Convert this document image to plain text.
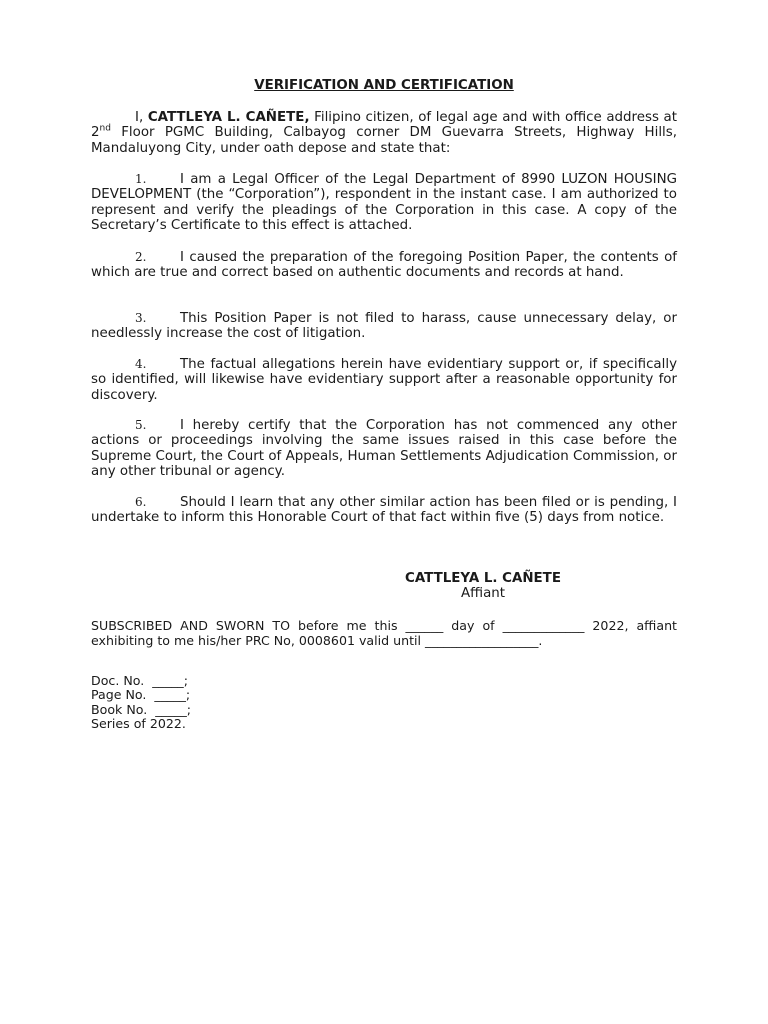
VERIFICATION AND CERTIFICATION
I, CATTLEYA L. CAÑETE, Filipino citizen, of legal age and with office address at 2nd Floor PGMC Building, Calbayog corner DM Guevarra Streets, Highway Hills, Mandaluyong City, under oath depose and state that:
1.	I am a Legal Officer of the Legal Department of 8990 LUZON HOUSING DEVELOPMENT (the “Corporation”), respondent in the instant case. I am authorized to represent and verify the pleadings of the Corporation in this case. A copy of the Secretary’s Certificate to this effect is attached.
2.	I caused the preparation of the foregoing Position Paper, the contents of which are true and correct based on authentic documents and records at hand.
3.	This Position Paper is not filed to harass, cause unnecessary delay, or needlessly increase the cost of litigation.
4.	The factual allegations herein have evidentiary support or, if specifically so identified, will likewise have evidentiary support after a reasonable opportunity for discovery.
5.	I hereby certify that the Corporation has not commenced any other actions or proceedings involving the same issues raised in this case before the Supreme Court, the Court of Appeals, Human Settlements Adjudication Commission, or any other tribunal or agency.
6.	Should I learn that any other similar action has been filed or is pending, I undertake to inform this Honorable Court of that fact within five (5) days from notice.
CATTLEYA L. CAÑETE
Affiant
SUBSCRIBED AND SWORN TO before me this ______ day of _____________ 2022, affiant exhibiting to me his/her PRC No, 0008601 valid until __________________.
Doc. No.  _____;
Page No.  _____;
Book No.  _____;
Series of 2022.
